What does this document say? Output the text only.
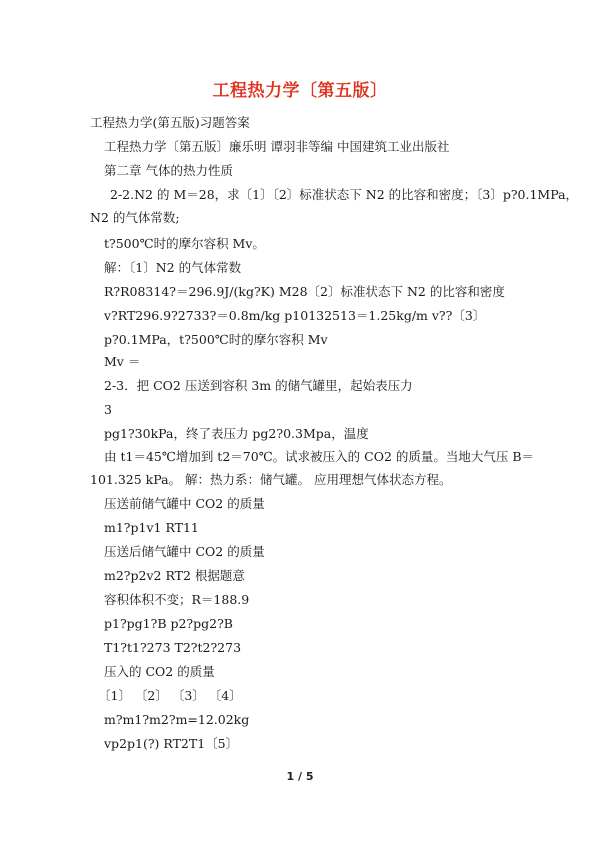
工程热力学〔第五版〕
工程热力学(第五版)习题答案
工程热力学〔第五版〕廉乐明 谭羽非等编 中国建筑工业出版社
第二章 气体的热力性质
2-2.N2 的 M＝28，求〔1〕〔2〕标准状态下 N2 的比容和密度；〔3〕p?0.1MPa，
N2 的气体常数;
t?500℃时的摩尔容积 Mv。
解：〔1〕N2 的气体常数
R?R08314?＝296.9J/(kg?K) M28〔2〕标准状态下 N2 的比容和密度
v?RT296.9?2733?＝0.8m/kg p10132513＝1.25kg/m v??〔3〕
p?0.1MPa，t?500℃时的摩尔容积 Mv
Mv ＝
2-3．把 CO2 压送到容积 3m 的储气罐里，起始表压力
3
pg1?30kPa，终了表压力 pg2?0.3Mpa，温度
由 t1＝45℃增加到 t2＝70℃。试求被压入的 CO2 的质量。当地大气压 B＝
101.325 kPa。 解：热力系：储气罐。 应用理想气体状态方程。
压送前储气罐中 CO2 的质量
m1?p1v1 RT11
压送后储气罐中 CO2 的质量
m2?p2v2 RT2 根据题意
容积体积不变；R＝188.9
p1?pg1?B p2?pg2?B
T1?t1?273 T2?t2?273
压入的 CO2 的质量
〔1〕 〔2〕 〔3〕 〔4〕
m?m1?m2?m=12.02kg
vp2p1(?) RT2T1〔5〕
1 / 5
